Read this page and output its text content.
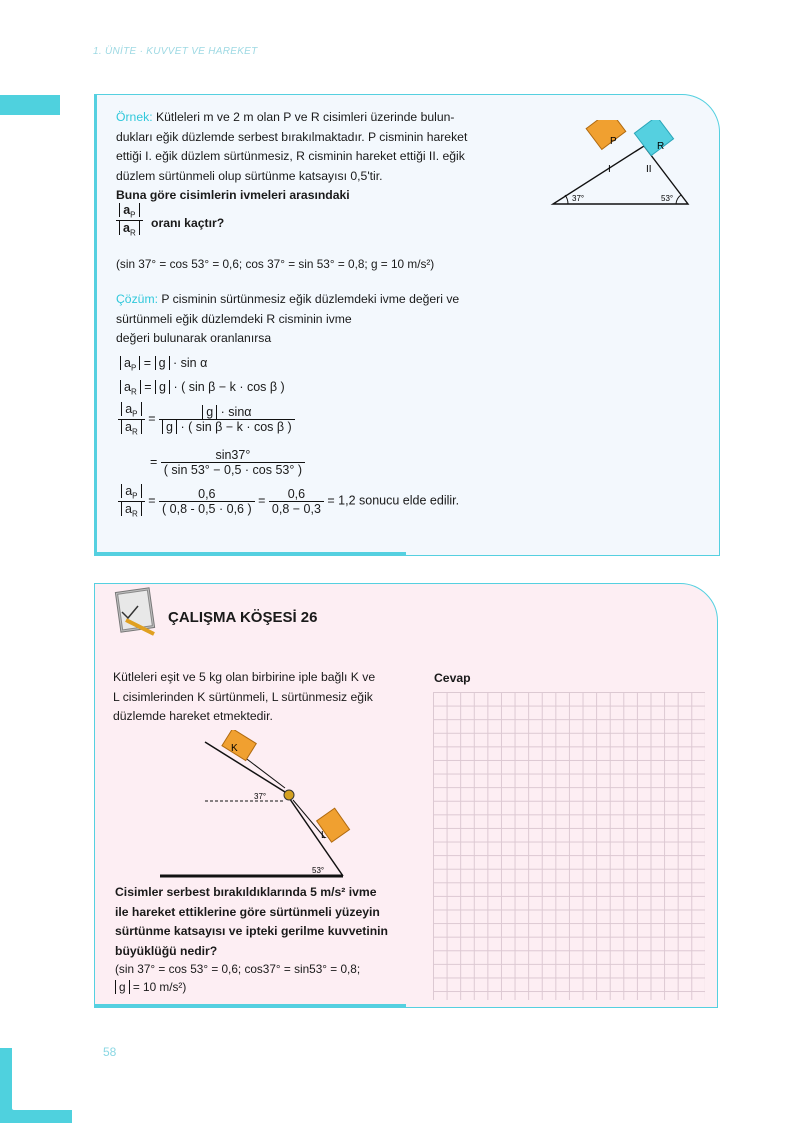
1. ÜNİTE · KUVVET VE HAREKET
Örnek: Kütleleri m ve 2 m olan P ve R cisimleri üzerinde bulun-
dukları eğik düzlemde serbest bırakılmaktadır. P cisminin hareket
ettiği I. eğik düzlem sürtünmesiz, R cisminin hareket ettiği II. eğik
düzlem sürtünmeli olup sürtünme katsayısı 0,5'tir.
Buna göre cisimlerin ivmeleri arasındaki
$\frac{a_P}{a_R}$ oranı kaçtır?
(sin 37° = cos 53° = 0,6; cos 37° = sin 53° = 0,8; g = 10 m/s²)
P	R
I	II
37°	53°
Çözüm: P cisminin sürtünmesiz eğik düzlemdeki ivme değeri ve
sürtünmeli eğik düzlemdeki R cisminin ivme
değeri bulunarak oranlanırsa
$a_P = g \cdot \sin \alpha$
$a_R = g$ · ( sin β − k · cos β )
$\frac{a_P}{a_R} = \frac{g \cdot \sin\alpha}{\text{g · ( sin β − k · cos β )}}$
= $\frac{\sin 37^\circ}{( \sin 53^\circ - 0,5 \cdot \cos 53^\circ )}$
$\frac{a_P}{a_R} = \frac{0,6}{( 0,8 - 0,5 \cdot 0,6 )} = \frac{0,6}{0,8 - 0,3} = 1,2$ sonucu elde edilir.
ÇALIŞMA KÖŞESİ 26
Kütleleri eşit ve 5 kg olan birbirine iple bağlı K ve
L cisimlerinden K sürtünmeli, L sürtünmesiz eğik
düzlemde hareket etmektedir.
Cevap
K
L
37°
53°
Cisimler serbest bırakıldıklarında 5 m/s² ivme
ile hareket ettiklerine göre sürtünmeli yüzeyin
sürtünme katsayısı ve ipteki gerilme kuvvetinin
büyüklüğü nedir?
(sin 37° = cos 53° = 0,6; cos37° = sin53° = 0,8;
g = 10 m/s²)
58
